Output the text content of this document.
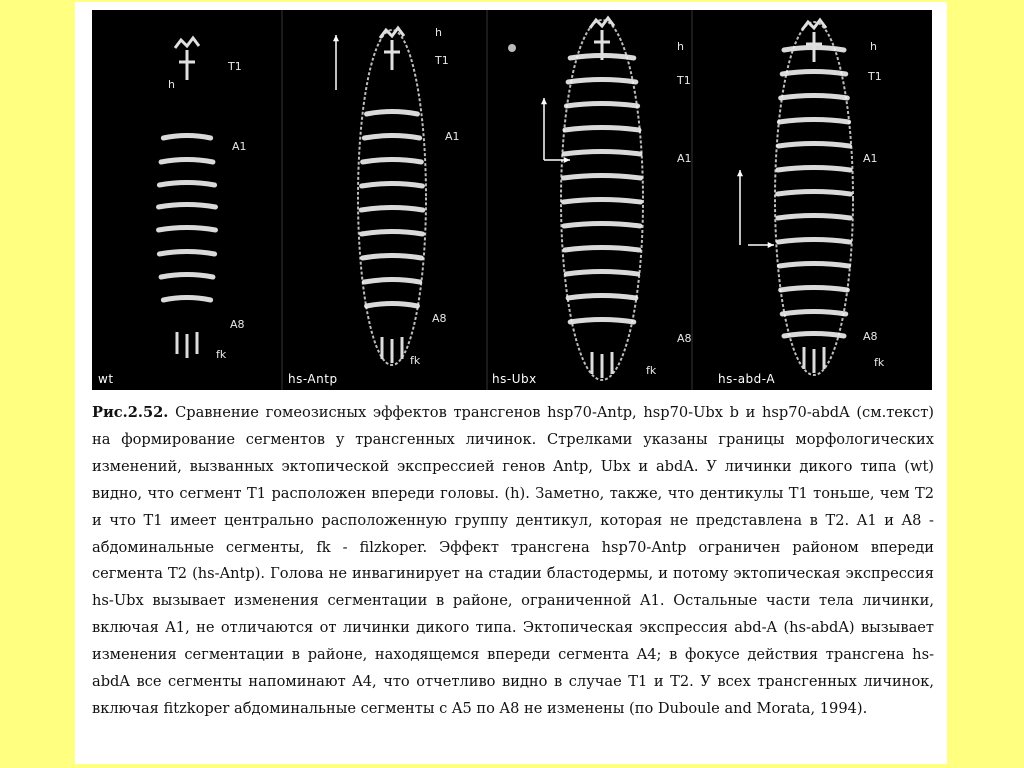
h
T1
A1
A8
fk
wt
h
T1
A1
A8
fk
hs-Antp
h
T1
A1
A8
fk
hs-Ubx
h
T1
A1
A8
fk
hs-abd-A
Рис.2.52. Сравнение гомеозисных эффектов трансгенов hsp70-Antp, hsp70-Ubx b и hsp70-abdA (см.текст) на формирование сегментов у трансгенных личинок. Стрелками указаны границы морфологических изменений, вызванных эктопической экспрессией генов Antp, Ubx и abdA. У личинки дикого типа (wt) видно, что сегмент T1 расположен впереди головы. (h). Заметно, также, что дентикулы T1 тоньше, чем T2 и что T1 имеет центрально расположенную группу дентикул, которая не представлена в T2. A1 и A8 - абдоминальные сегменты, fk - filzkoper. Эффект трансгена hsp70-Antp ограничен районом впереди сегмента T2 (hs-Antp). Голова не инвагинирует на стадии бластодермы, и потому эктопическая экспрессия hs-Ubx вызывает изменения сегментации в районе, ограниченной A1. Остальные части тела личинки, включая A1, не отличаются от личинки дикого типа. Эктопическая экспрессия abd-A (hs-abdA) вызывает изменения сегментации в районе, находящемся впереди сегмента A4; в фокусе действия трансгена hs-abdA все сегменты напоминают A4, что отчетливо видно в случае T1 и T2. У всех трансгенных личинок, включая fitzkoper абдоминальные сегменты с A5 по A8 не изменены (по Duboule and Morata, 1994).
